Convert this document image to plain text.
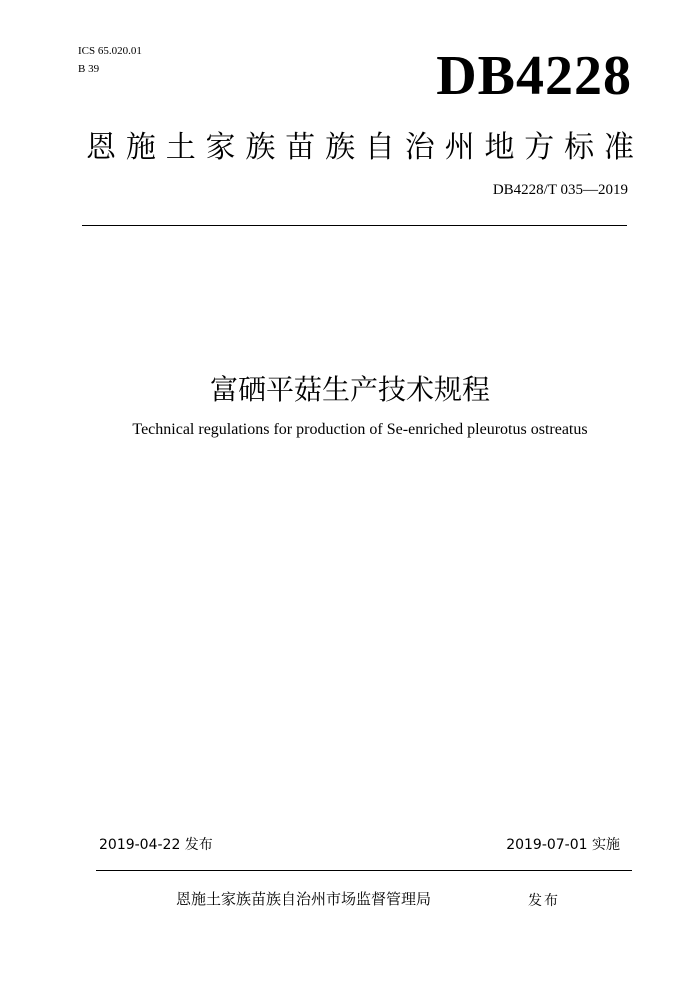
ICS 65.020.01
B 39	DB4228
恩施土家族苗族自治州地方标准
DB4228/T 035—2019
富硒平菇生产技术规程
Technical regulations for production of Se-enriched pleurotus ostreatus
2019-04-22 发布	2019-07-01 实施
恩施土家族苗族自治州市场监督管理局	发布
